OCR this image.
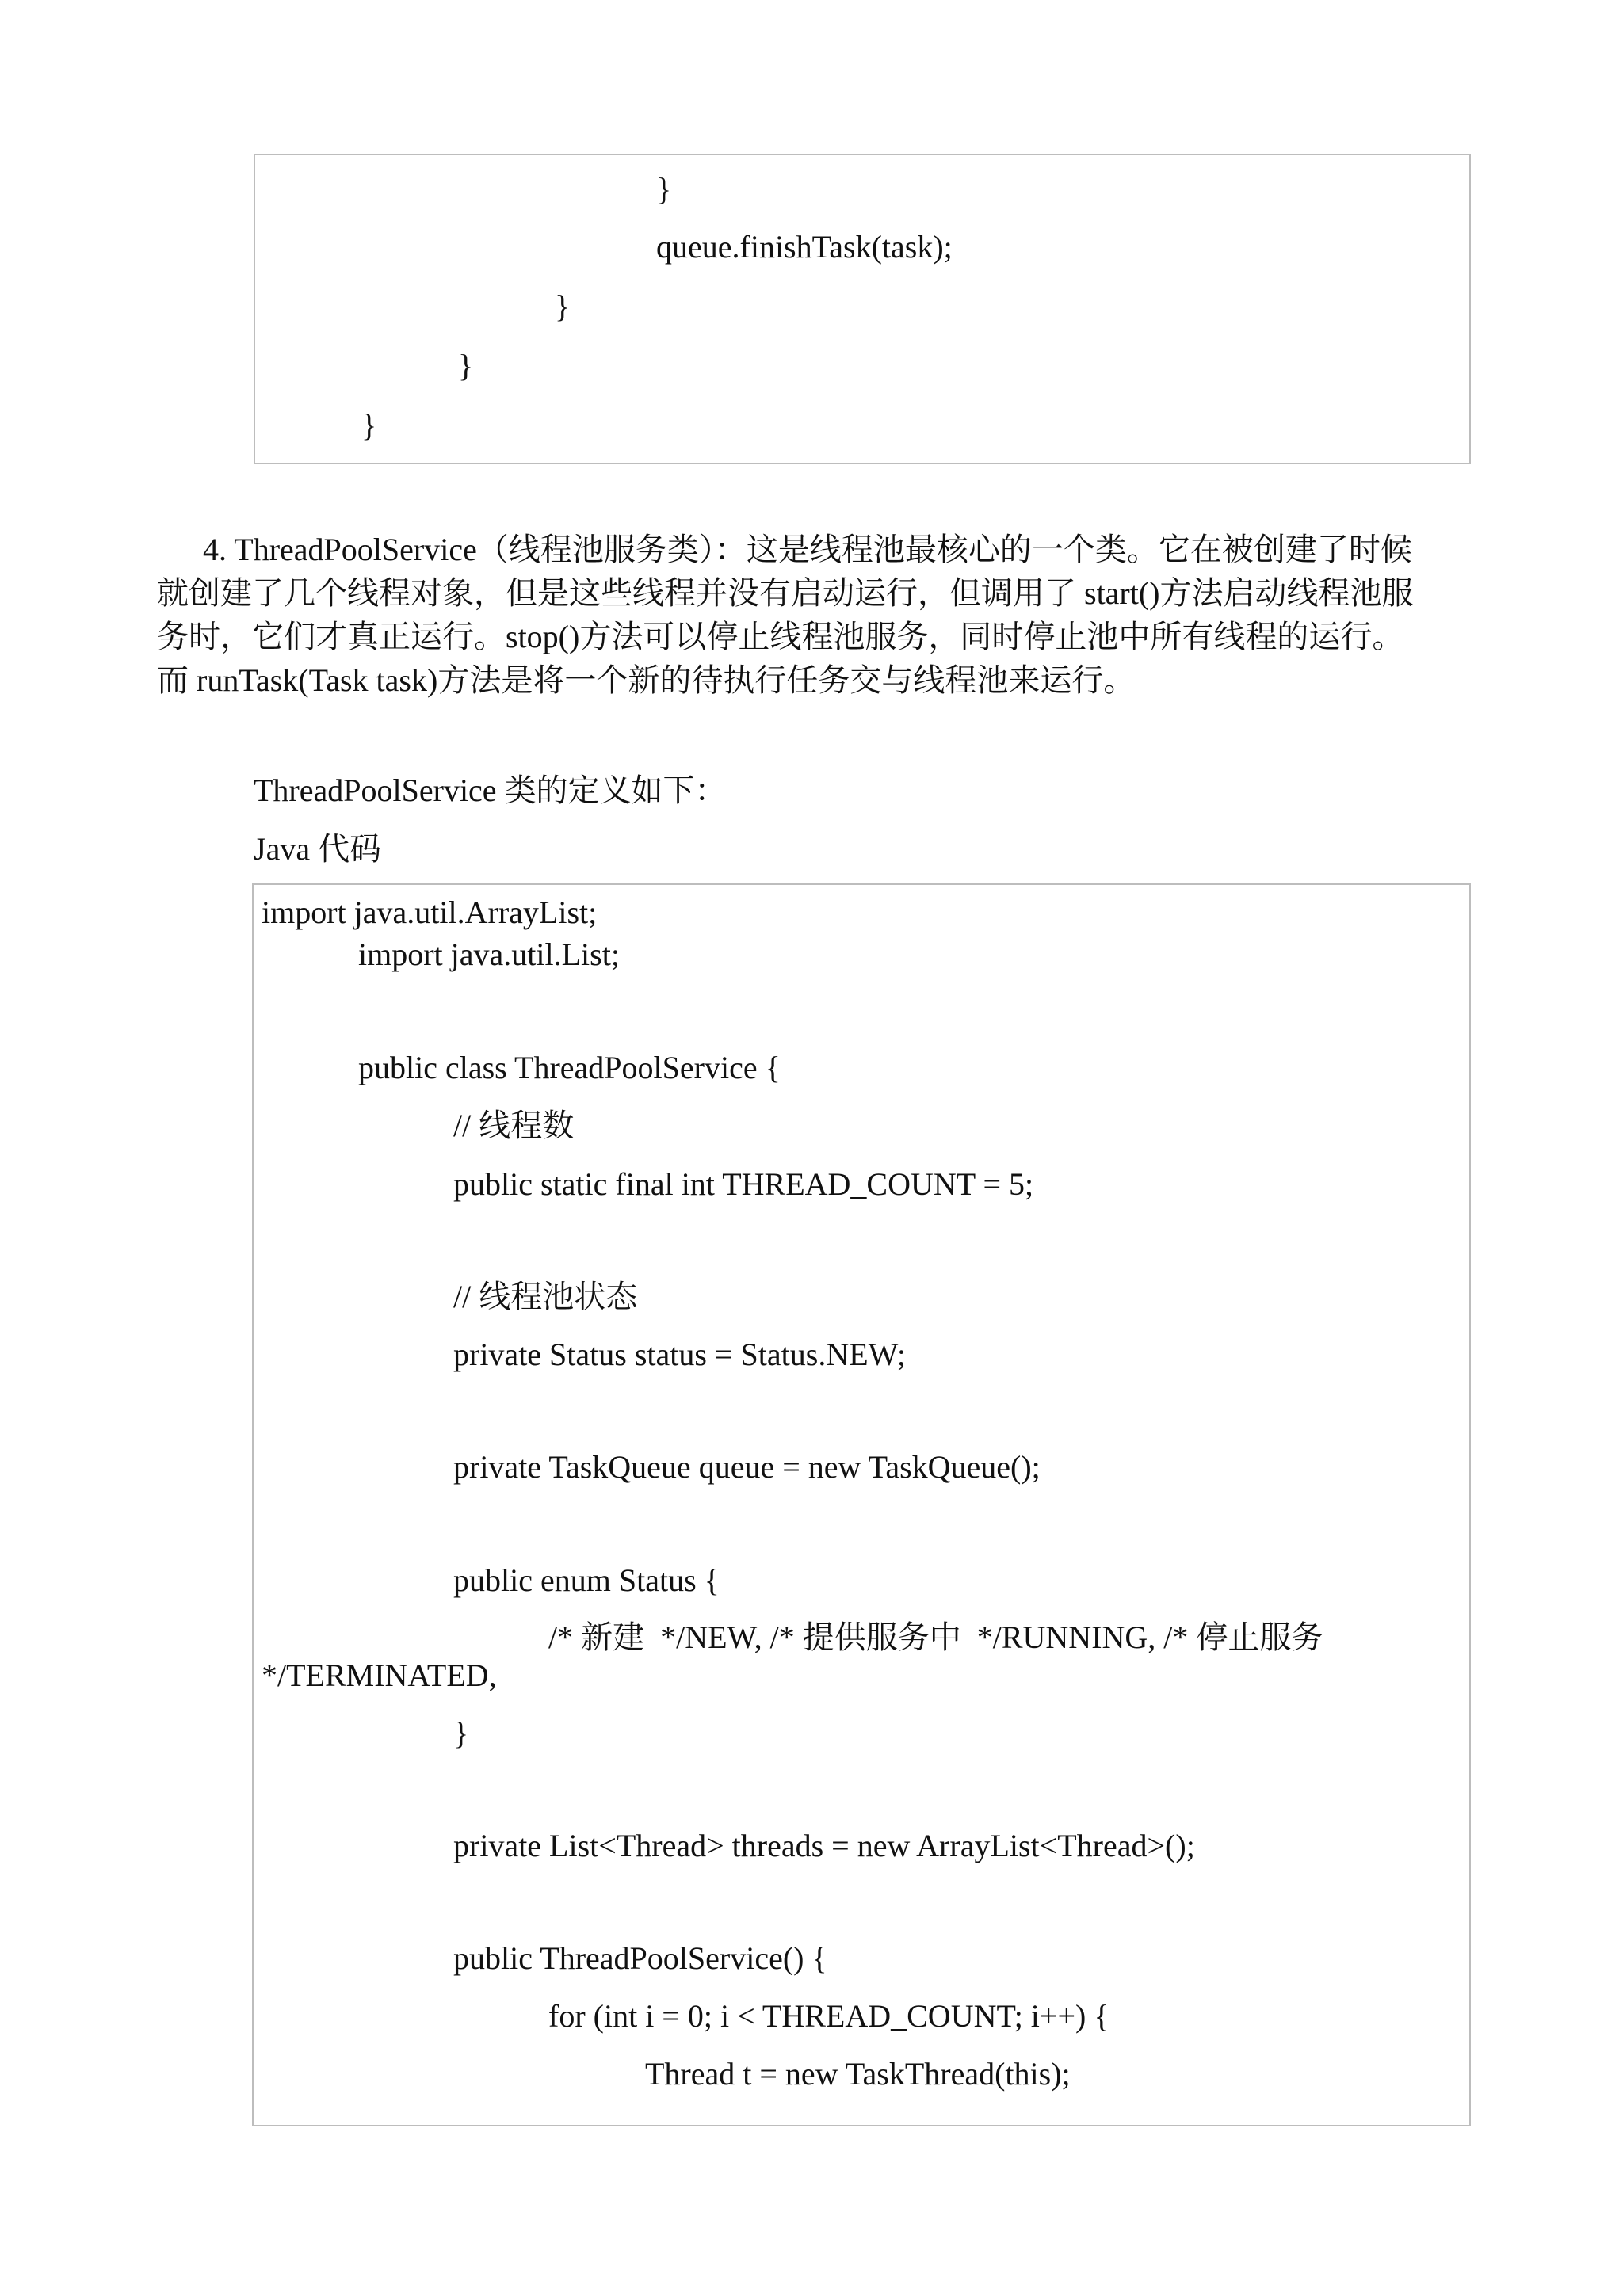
}
queue.finishTask(task);
}
}
}
4. ThreadPoolService（线程池服务类）：这是线程池最核心的一个类。它在被创建了时候
就创建了几个线程对象，但是这些线程并没有启动运行，但调用了 start()方法启动线程池服
务时，它们才真正运行。stop()方法可以停止线程池服务，同时停止池中所有线程的运行。
而 runTask(Task task)方法是将一个新的待执行任务交与线程池来运行。
ThreadPoolService 类的定义如下：
Java 代码
import java.util.ArrayList;
import java.util.List;
public class ThreadPoolService {
// 线程数
public static final int THREAD_COUNT = 5;
// 线程池状态
private Status status = Status.NEW;
private TaskQueue queue = new TaskQueue();
public enum Status {
/* 新建  */NEW, /* 提供服务中  */RUNNING, /* 停止服务
*/TERMINATED,
}
private List<Thread> threads = new ArrayList<Thread>();
public ThreadPoolService() {
for (int i = 0; i < THREAD_COUNT; i++) {
Thread t = new TaskThread(this);
